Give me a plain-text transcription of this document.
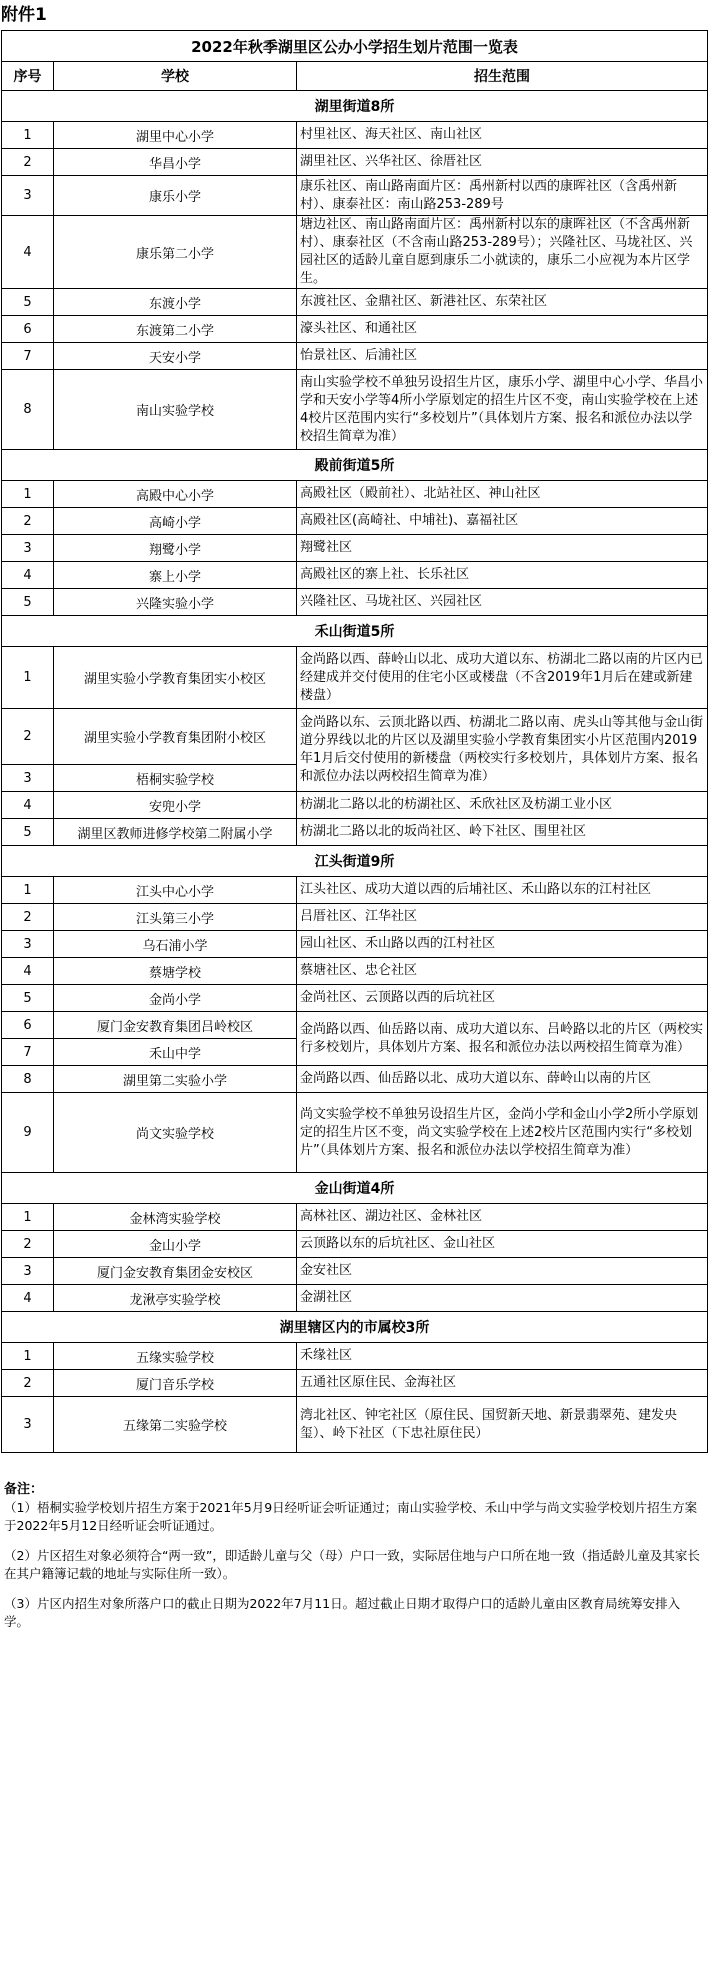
附件1
2022年秋季湖里区公办小学招生划片范围一览表		
序号	学校	招生范围
湖里街道8所		
1	湖里中心小学	村里社区、海天社区、南山社区
2	华昌小学	湖里社区、兴华社区、徐厝社区
3	康乐小学	康乐社区、南山路南面片区：禹州新村以西的康晖社区（含禹州新村）、康泰社区：南山路253-289号
4	康乐第二小学	塘边社区、南山路南面片区：禹州新村以东的康晖社区（不含禹州新村）、康泰社区（不含南山路253-289号）；兴隆社区、马垅社区、兴园社区的适龄儿童自愿到康乐二小就读的，康乐二小应视为本片区学生。
5	东渡小学	东渡社区、金鼎社区、新港社区、东荣社区
6	东渡第二小学	濠头社区、和通社区
7	天安小学	怡景社区、后浦社区
8	南山实验学校	南山实验学校不单独另设招生片区，康乐小学、湖里中心小学、华昌小学和天安小学等4所小学原划定的招生片区不变，南山实验学校在上述4校片区范围内实行“多校划片”（具体划片方案、报名和派位办法以学校招生简章为准）
殿前街道5所		
1	高殿中心小学	高殿社区（殿前社）、北站社区、神山社区
2	高崎小学	高殿社区(高崎社、中埔社)、嘉福社区
3	翔鹭小学	翔鹭社区
4	寨上小学	高殿社区的寨上社、长乐社区
5	兴隆实验小学	兴隆社区、马垅社区、兴园社区
禾山街道5所		
1	湖里实验小学教育集团实小校区	金尚路以西、薛岭山以北、成功大道以东、枋湖北二路以南的片区内已经建成并交付使用的住宅小区或楼盘（不含2019年1月后在建或新建楼盘）
2	湖里实验小学教育集团附小校区	金尚路以东、云顶北路以西、枋湖北二路以南、虎头山等其他与金山街道分界线以北的片区以及湖里实验小学教育集团实小片区范围内2019年1月后交付使用的新楼盘（两校实行多校划片，具体划片方案、报名和派位办法以两校招生简章为准）
3	梧桐实验学校	
4	安兜小学	枋湖北二路以北的枋湖社区、禾欣社区及枋湖工业小区
5	湖里区教师进修学校第二附属小学	枋湖北二路以北的坂尚社区、岭下社区、围里社区
江头街道9所		
1	江头中心小学	江头社区、成功大道以西的后埔社区、禾山路以东的江村社区
2	江头第三小学	吕厝社区、江华社区
3	乌石浦小学	园山社区、禾山路以西的江村社区
4	蔡塘学校	蔡塘社区、忠仑社区
5	金尚小学	金尚社区、云顶路以西的后坑社区
6	厦门金安教育集团吕岭校区	金尚路以西、仙岳路以南、成功大道以东、吕岭路以北的片区（两校实行多校划片，具体划片方案、报名和派位办法以两校招生简章为准）
7	禾山中学	
8	湖里第二实验小学	金尚路以西、仙岳路以北、成功大道以东、薛岭山以南的片区
9	尚文实验学校	尚文实验学校不单独另设招生片区，金尚小学和金山小学2所小学原划定的招生片区不变，尚文实验学校在上述2校片区范围内实行“多校划片”（具体划片方案、报名和派位办法以学校招生简章为准）
金山街道4所		
1	金林湾实验学校	高林社区、湖边社区、金林社区
2	金山小学	云顶路以东的后坑社区、金山社区
3	厦门金安教育集团金安校区	金安社区
4	龙湫亭实验学校	金湖社区
湖里辖区内的市属校3所		
1	五缘实验学校	禾缘社区
2	厦门音乐学校	五通社区原住民、金海社区
3	五缘第二实验学校	湾北社区、钟宅社区（原住民、国贸新天地、新景翡翠苑、建发央玺）、岭下社区（下忠社原住民）
备注：

（1）梧桐实验学校划片招生方案于2021年5月9日经听证会听证通过；南山实验学校、禾山中学与尚文实验学校划片招生方案于2022年5月12日经听证会听证通过。

（2）片区招生对象必须符合“两一致”，即适龄儿童与父（母）户口一致，实际居住地与户口所在地一致（指适龄儿童及其家长在其户籍簿记载的地址与实际住所一致）。

（3）片区内招生对象所落户口的截止日期为2022年7月11日。超过截止日期才取得户口的适龄儿童由区教育局统筹安排入学。
